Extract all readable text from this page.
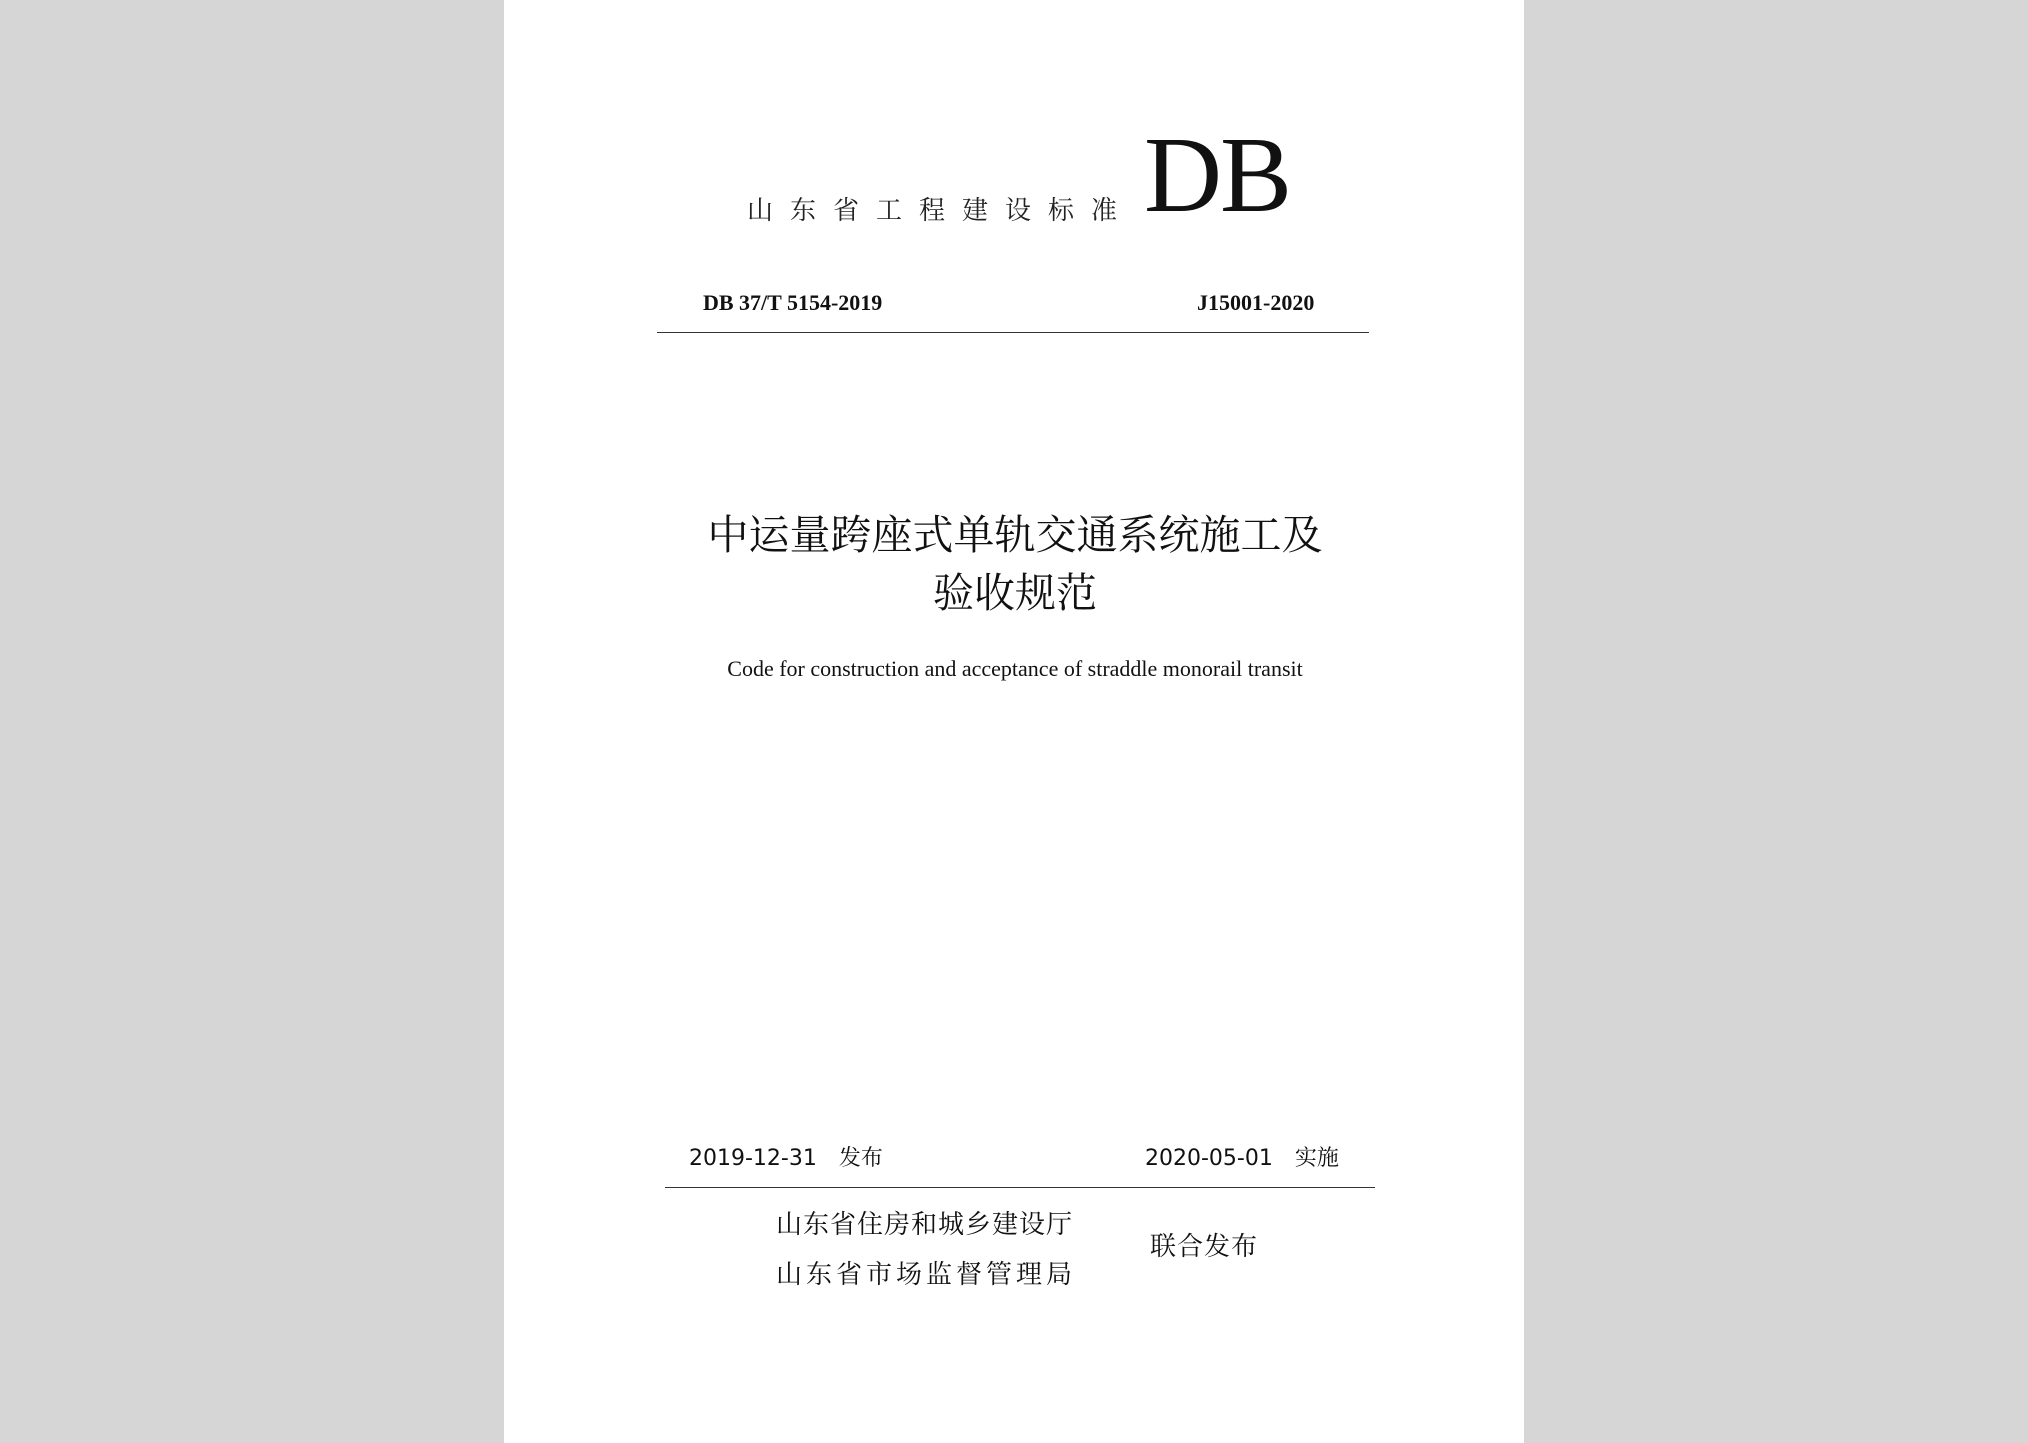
山东省工程建设标准 DB
DB 37/T 5154-2019	J15001-2020
中运量跨座式单轨交通系统施工及
验收规范
Code for construction and acceptance of straddle monorail transit
2019-12-31 发布	2020-05-01 实施
山东省住房和城乡建设厅
山东省市场监督管理局
联合发布
